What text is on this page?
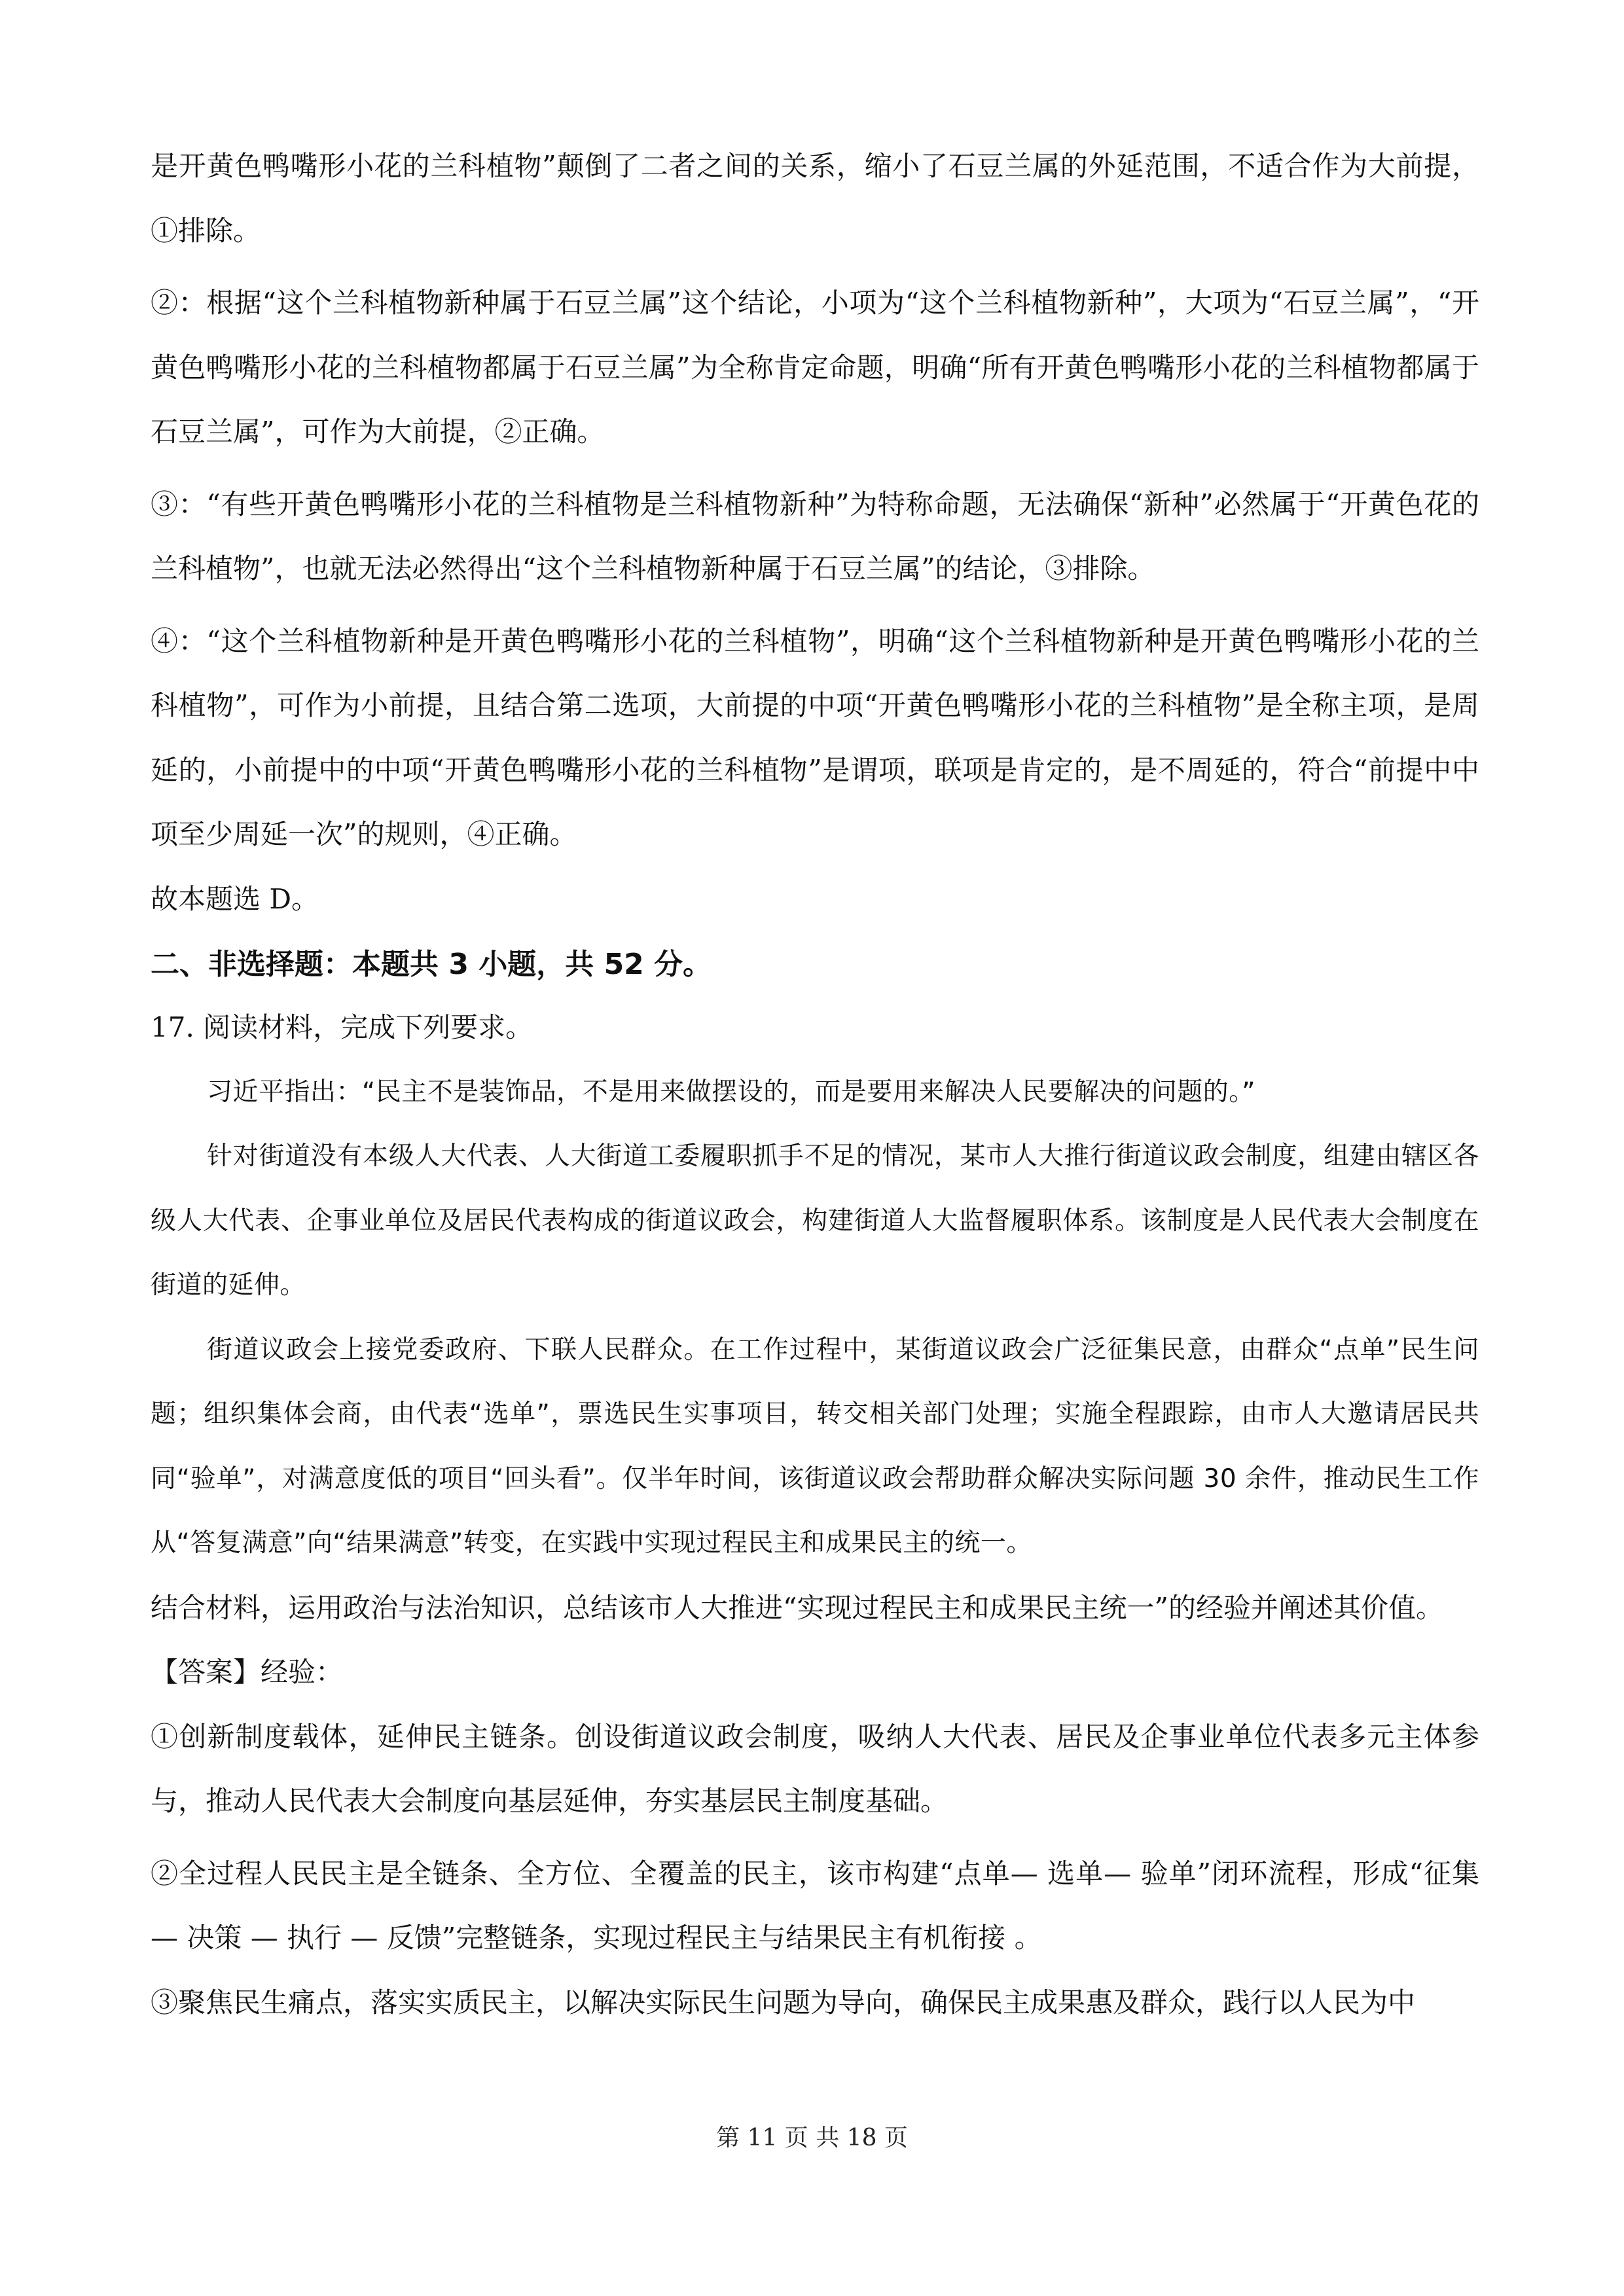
是开黄色鸭嘴形小花的兰科植物”颠倒了二者之间的关系，缩小了石豆兰属的外延范围，不适合作为大前提，①排除。

②：根据“这个兰科植物新种属于石豆兰属”这个结论，小项为“这个兰科植物新种”，大项为“石豆兰属”，“开黄色鸭嘴形小花的兰科植物都属于石豆兰属”为全称肯定命题，明确“所有开黄色鸭嘴形小花的兰科植物都属于石豆兰属”，可作为大前提，②正确。

③：“有些开黄色鸭嘴形小花的兰科植物是兰科植物新种”为特称命题，无法确保“新种”必然属于“开黄色花的兰科植物”，也就无法必然得出“这个兰科植物新种属于石豆兰属”的结论，③排除。

④：“这个兰科植物新种是开黄色鸭嘴形小花的兰科植物”，明确“这个兰科植物新种是开黄色鸭嘴形小花的兰科植物”，可作为小前提，且结合第二选项，大前提的中项“开黄色鸭嘴形小花的兰科植物”是全称主项，是周延的，小前提中的中项“开黄色鸭嘴形小花的兰科植物”是谓项，联项是肯定的，是不周延的，符合“前提中中项至少周延一次”的规则，④正确。

故本题选 D。

二、非选择题：本题共 3 小题，共 52 分。

17. 阅读材料，完成下列要求。

习近平指出：“民主不是装饰品，不是用来做摆设的，而是要用来解决人民要解决的问题的。”

针对街道没有本级人大代表、人大街道工委履职抓手不足的情况，某市人大推行街道议政会制度，组建由辖区各级人大代表、企事业单位及居民代表构成的街道议政会，构建街道人大监督履职体系。该制度是人民代表大会制度在街道的延伸。

街道议政会上接党委政府、下联人民群众。在工作过程中，某街道议政会广泛征集民意，由群众“点单”民生问题；组织集体会商，由代表“选单”，票选民生实事项目，转交相关部门处理；实施全程跟踪，由市人大邀请居民共同“验单”，对满意度低的项目“回头看”。仅半年时间，该街道议政会帮助群众解决实际问题 30 余件，推动民生工作从“答复满意”向“结果满意”转变，在实践中实现过程民主和成果民主的统一。

结合材料，运用政治与法治知识，总结该市人大推进“实现过程民主和成果民主统一”的经验并阐述其价值。

【答案】经验：

①创新制度载体，延伸民主链条。创设街道议政会制度，吸纳人大代表、居民及企事业单位代表多元主体参与，推动人民代表大会制度向基层延伸，夯实基层民主制度基础。

②全过程人民民主是全链条、全方位、全覆盖的民主，该市构建“点单— 选单— 验单”闭环流程，形成“征集 — 决策 — 执行 — 反馈”完整链条，实现过程民主与结果民主有机衔接 。

③聚焦民生痛点，落实实质民主，以解决实际民生问题为导向，确保民主成果惠及群众，践行以人民为中

第 11 页 共 18 页
